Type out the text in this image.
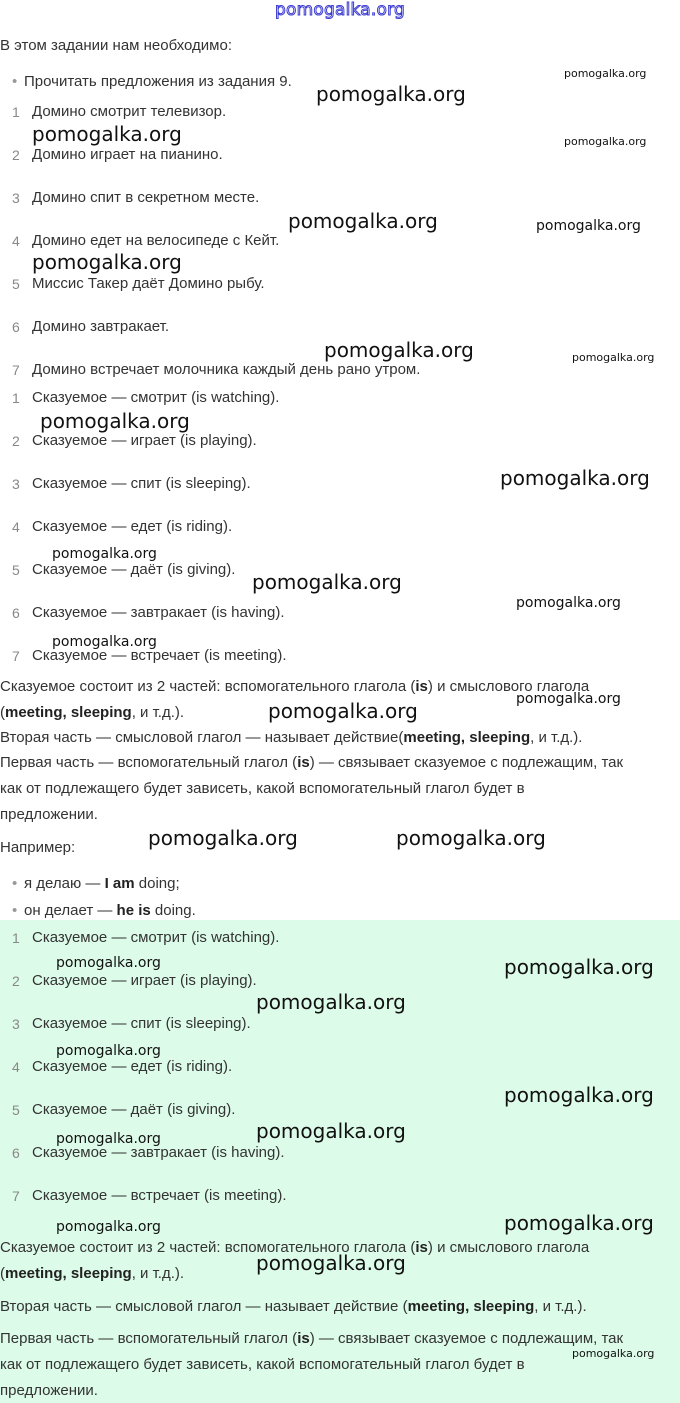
pomogalka.org
В этом задании нам необходимо:
• Прочитать предложения из задания 9.
1 Домино смотрит телевизор.
2 Домино играет на пианино.
3 Домино спит в секретном месте.
4 Домино едет на велосипеде с Кейт.
5 Миссис Такер даёт Домино рыбу.
6 Домино завтракает.
7 Домино встречает молочника каждый день рано утром.
1 Сказуемое — смотрит (is watching).
2 Сказуемое — играет (is playing).
3 Сказуемое — спит (is sleeping).
4 Сказуемое — едет (is riding).
5 Сказуемое — даёт (is giving).
6 Сказуемое — завтракает (is having).
7 Сказуемое — встречает (is meeting).
Сказуемое состоит из 2 частей: вспомогательного глагола (is) и смыслового глагола
(meeting, sleeping, и т.д.).
Вторая часть — смысловой глагол — называет действие(meeting, sleeping, и т.д.).
Первая часть — вспомогательный глагол (is) — связывает сказуемое с подлежащим, так
как от подлежащего будет зависеть, какой вспомогательный глагол будет в
предложении.
Например:
• я делаю — I am doing;
• он делает — he is doing.
1 Сказуемое — смотрит (is watching).
2 Сказуемое — играет (is playing).
3 Сказуемое — спит (is sleeping).
4 Сказуемое — едет (is riding).
5 Сказуемое — даёт (is giving).
6 Сказуемое — завтракает (is having).
7 Сказуемое — встречает (is meeting).
Сказуемое состоит из 2 частей: вспомогательного глагола (is) и смыслового глагола
(meeting, sleeping, и т.д.).
Вторая часть — смысловой глагол — называет действие (meeting, sleeping, и т.д.).
Первая часть — вспомогательный глагол (is) — связывает сказуемое с подлежащим, так
как от подлежащего будет зависеть, какой вспомогательный глагол будет в
предложении.
pomogalka.org
pomogalka.org
pomogalka.org	pomogalka.org
pomogalka.org	pomogalka.org
pomogalka.org
pomogalka.org	pomogalka.org
pomogalka.org
pomogalka.org
pomogalka.org
pomogalka.org
pomogalka.org
pomogalka.org
pomogalka.org
pomogalka.org
pomogalka.org	pomogalka.org
pomogalka.org	pomogalka.org
pomogalka.org
pomogalka.org
pomogalka.org
pomogalka.org
pomogalka.org
pomogalka.org
pomogalka.org
pomogalka.org
pomogalka.org
